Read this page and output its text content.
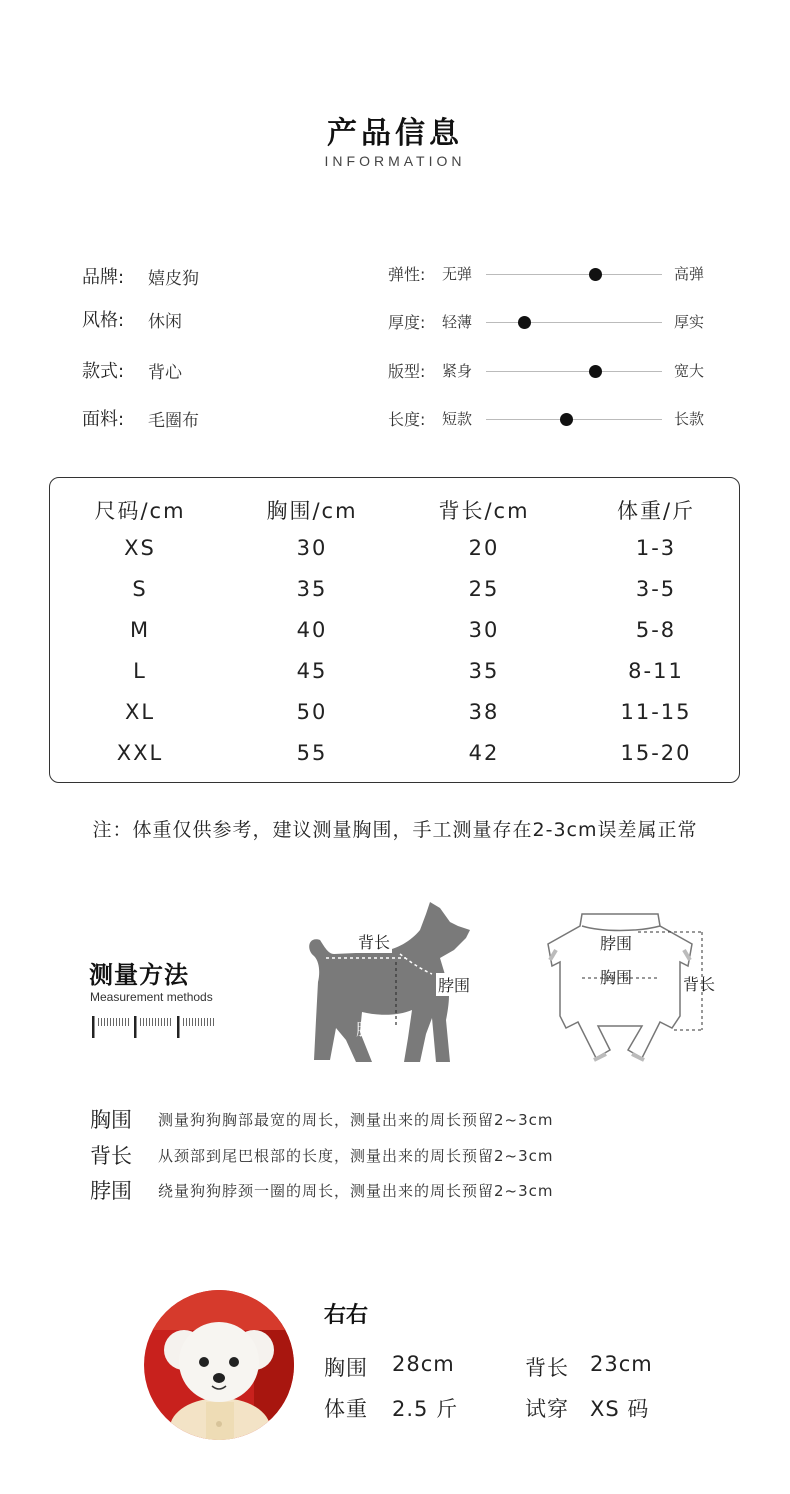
产品信息
INFORMATION
品牌:	嬉皮狗
风格:	休闲
款式:	背心
面料:	毛圈布
弹性: 无弹	高弹
厚度: 轻薄	厚实
版型: 紧身	宽大
长度: 短款	长款
尺码/cm	胸围/cm	背长/cm	体重/斤
XS	30	20	1-3
S	35	25	3-5
M	40	30	5-8
L	45	35	8-11
XL	50	38	11-15
XXL	55	42	15-20
注：体重仅供参考，建议测量胸围，手工测量存在2-3cm误差属正常
测量方法
Measurement methods
背长
脖围
胸围
脖围
胸围	背长
胸围	测量狗狗胸部最宽的周长，测量出来的周长预留2~3cm
背长	从颈部到尾巴根部的长度，测量出来的周长预留2~3cm
脖围	绕量狗狗脖颈一圈的周长，测量出来的周长预留2~3cm
右右
胸围 28cm	背长 23cm
体重 2.5 斤	试穿 XS 码
